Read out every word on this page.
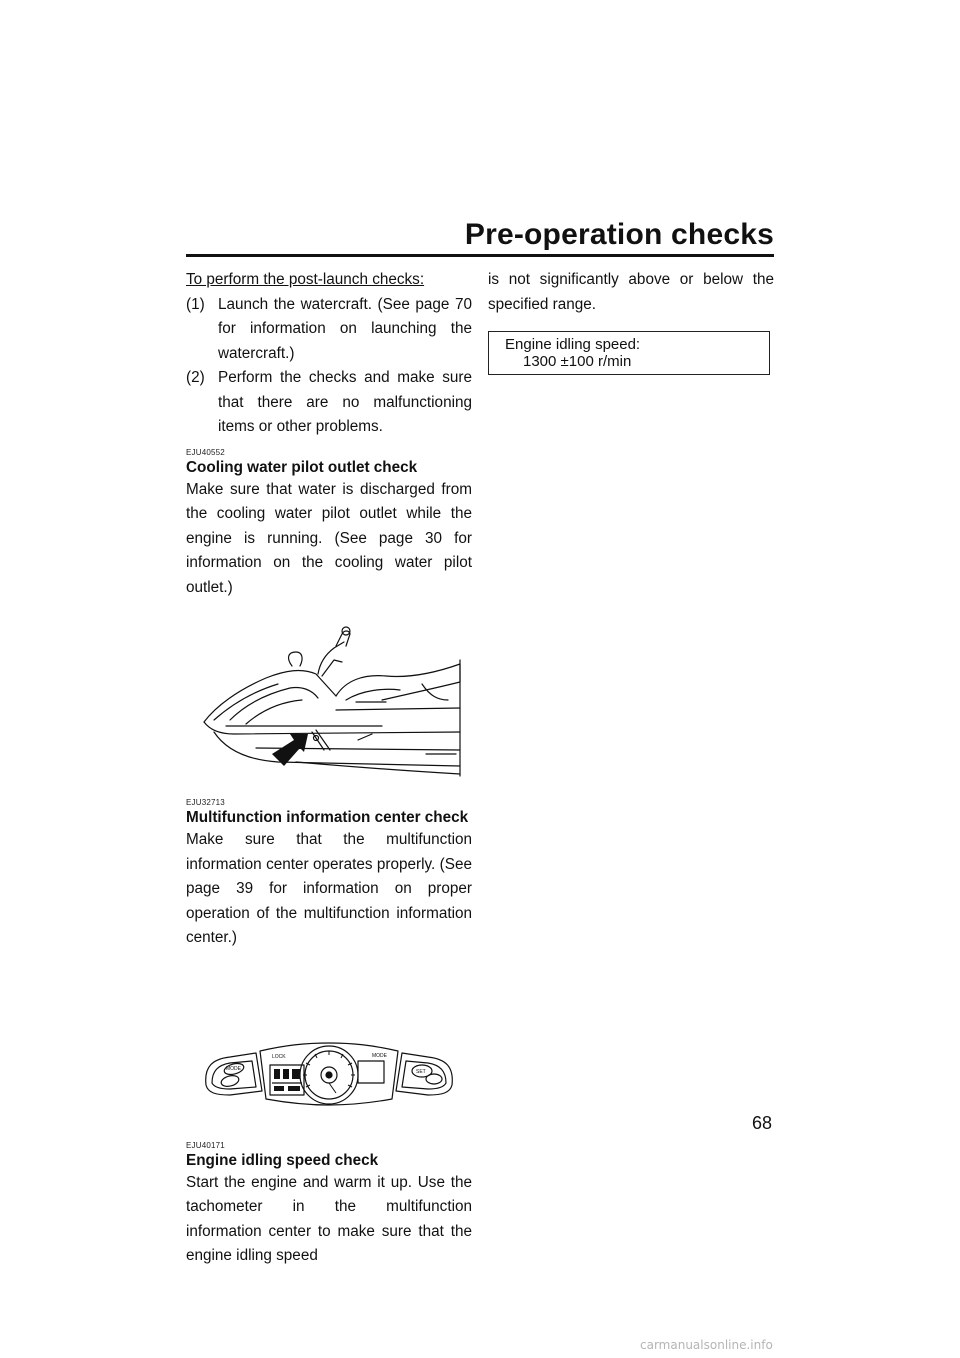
Pre-operation checks

To perform the post-launch checks:

(1) Launch the watercraft. (See page 70 for information on launching the watercraft.)
(2) Perform the checks and make sure that there are no malfunctioning items or other problems.
EJU40552
Cooling water pilot outlet check

Make sure that water is discharged from the cooling water pilot outlet while the engine is running. (See page 30 for information on the cooling water pilot outlet.)

EJU32713
Multifunction information center check

Make sure that the multifunction information center operates properly. (See page 39 for information on proper operation of the multifunction information center.)

MODE
LOCK	MODE
SET
EJU40171
Engine idling speed check

Start the engine and warm it up. Use the tachometer in the multifunction information center to make sure that the engine idling speed

is not significantly above or below the specified range.

Engine idling speed:
1300 ±100 r/min
68
carmanualsonline.info
